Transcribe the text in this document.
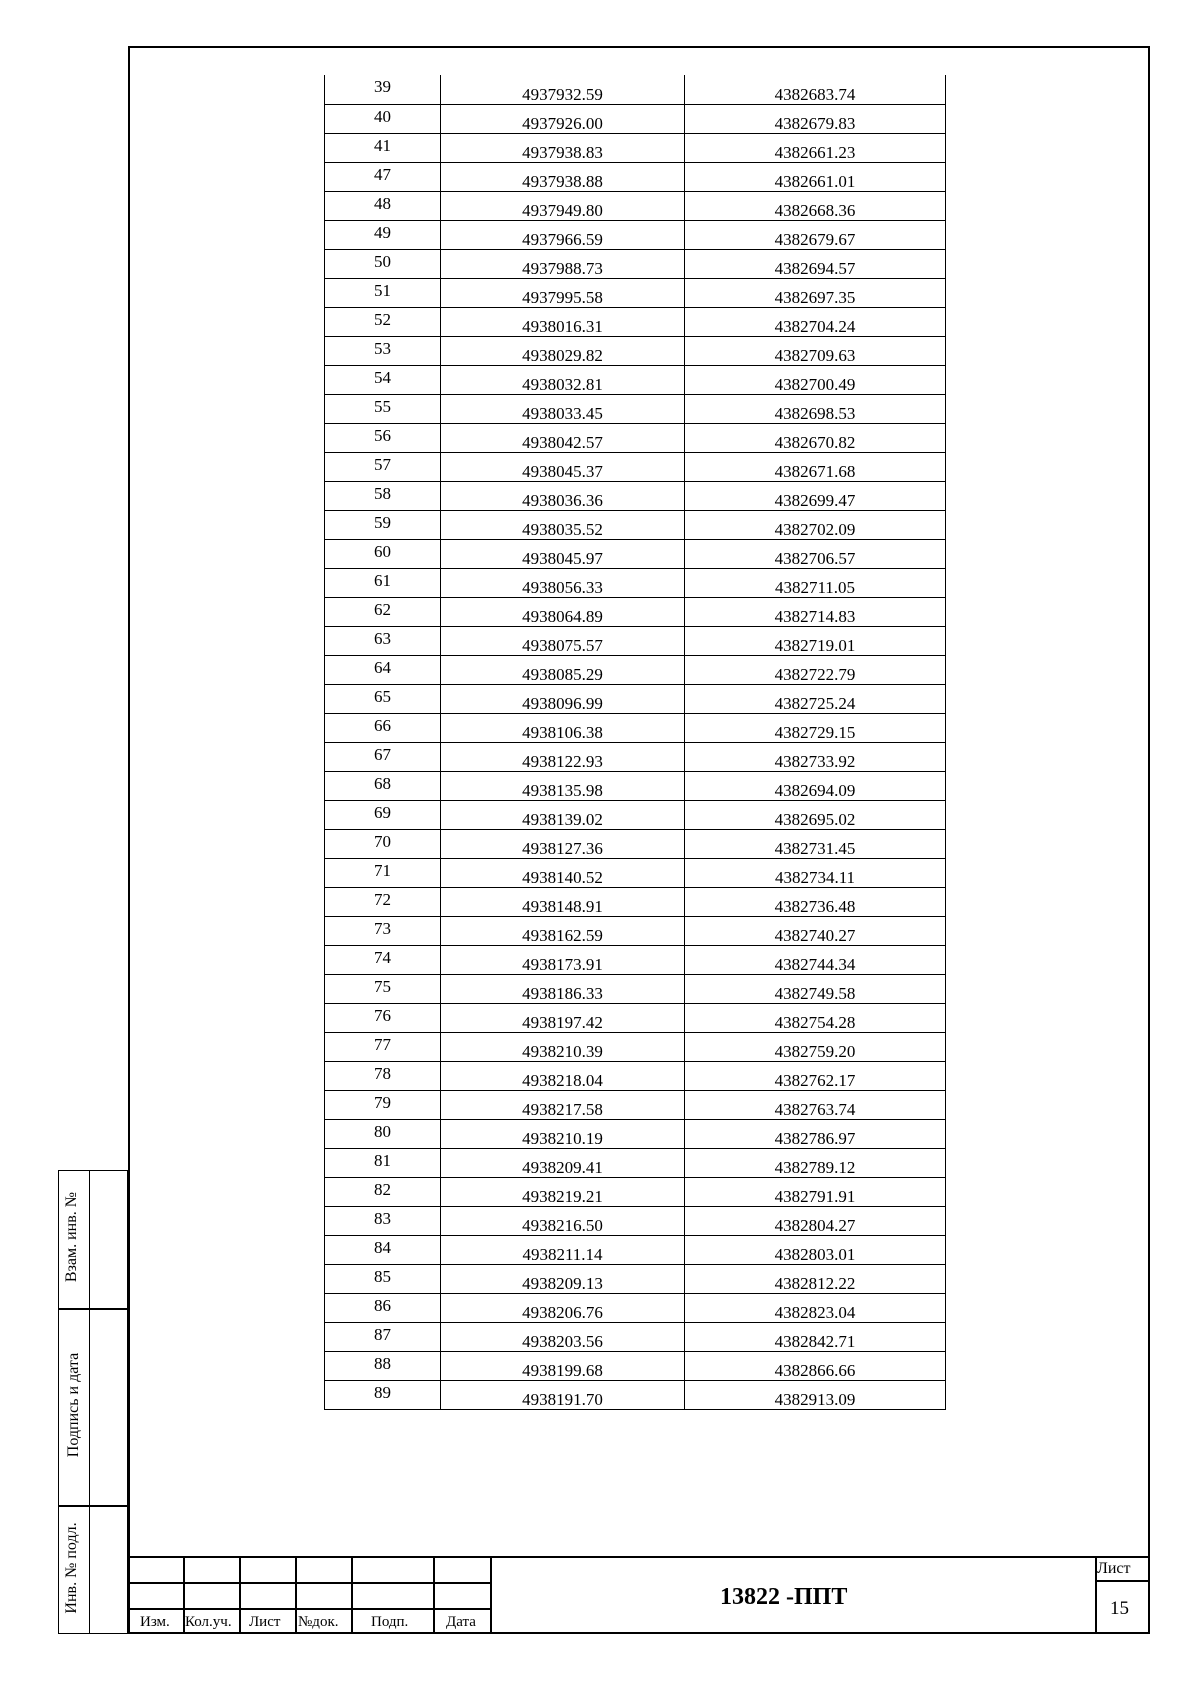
39	4937932.59	4382683.74
40	4937926.00	4382679.83
41	4937938.83	4382661.23
47	4937938.88	4382661.01
48	4937949.80	4382668.36
49	4937966.59	4382679.67
50	4937988.73	4382694.57
51	4937995.58	4382697.35
52	4938016.31	4382704.24
53	4938029.82	4382709.63
54	4938032.81	4382700.49
55	4938033.45	4382698.53
56	4938042.57	4382670.82
57	4938045.37	4382671.68
58	4938036.36	4382699.47
59	4938035.52	4382702.09
60	4938045.97	4382706.57
61	4938056.33	4382711.05
62	4938064.89	4382714.83
63	4938075.57	4382719.01
64	4938085.29	4382722.79
65	4938096.99	4382725.24
66	4938106.38	4382729.15
67	4938122.93	4382733.92
68	4938135.98	4382694.09
69	4938139.02	4382695.02
70	4938127.36	4382731.45
71	4938140.52	4382734.11
72	4938148.91	4382736.48
73	4938162.59	4382740.27
74	4938173.91	4382744.34
75	4938186.33	4382749.58
76	4938197.42	4382754.28
77	4938210.39	4382759.20
78	4938218.04	4382762.17
79	4938217.58	4382763.74
80	4938210.19	4382786.97
81	4938209.41	4382789.12
82	4938219.21	4382791.91
83	4938216.50	4382804.27
84	4938211.14	4382803.01
85	4938209.13	4382812.22
86	4938206.76	4382823.04
87	4938203.56	4382842.71
88	4938199.68	4382866.66
89	4938191.70	4382913.09
Взам. инв. №
Подпись и дата
Инв. № подл.
Изм. Кол.уч. Лист №док. Подп.	Дата
13822 -ППТ
Лист
15
